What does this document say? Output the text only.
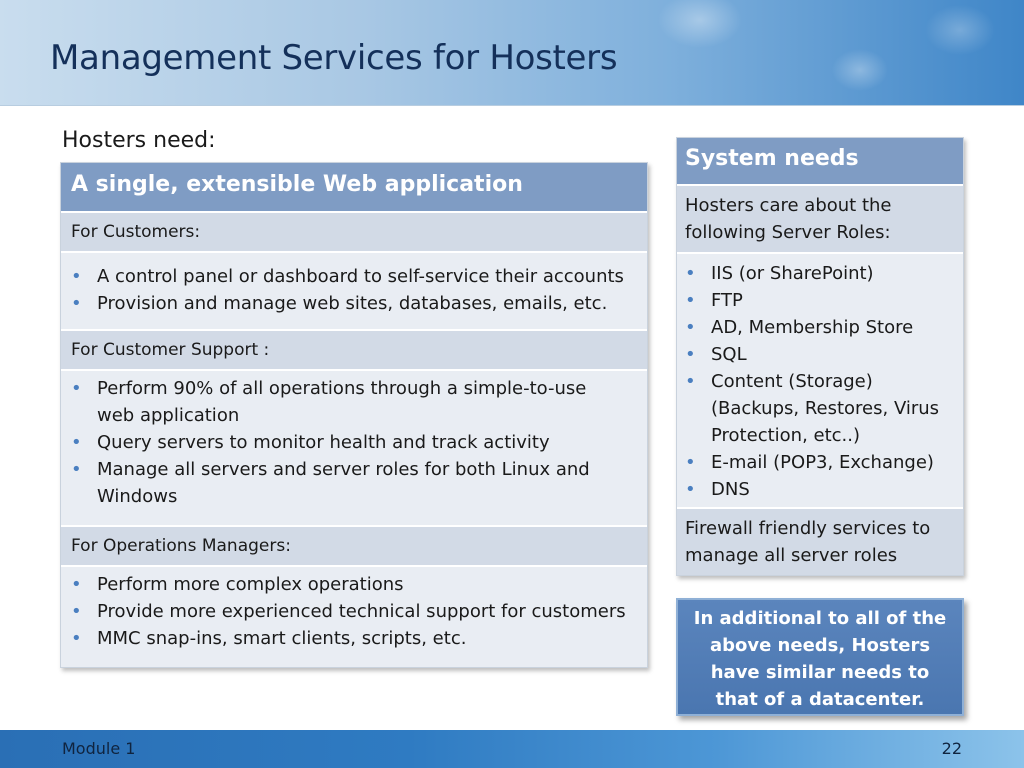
Management Services for Hosters
Hosters need:
A single, extensible Web application
For Customers:
• A control panel or dashboard to self-service their accounts
• Provision and manage web sites, databases, emails, etc.
For Customer Support :
• Perform 90% of all operations through a simple-to-use web application
• Query servers to monitor health and track activity
• Manage all servers and server roles for both Linux and Windows
For Operations Managers:
• Perform more complex operations
• Provide more experienced technical support for customers
• MMC snap-ins, smart clients, scripts, etc.
System needs
Hosters care about the following Server Roles:
• IIS (or SharePoint)
• FTP
• AD, Membership Store
• SQL
• Content (Storage) (Backups, Restores, Virus Protection, etc..)
• E-mail (POP3, Exchange)
• DNS
Firewall friendly services to manage all server roles
In additional to all of the above needs, Hosters have similar needs to that of a datacenter.
Module 1	22
